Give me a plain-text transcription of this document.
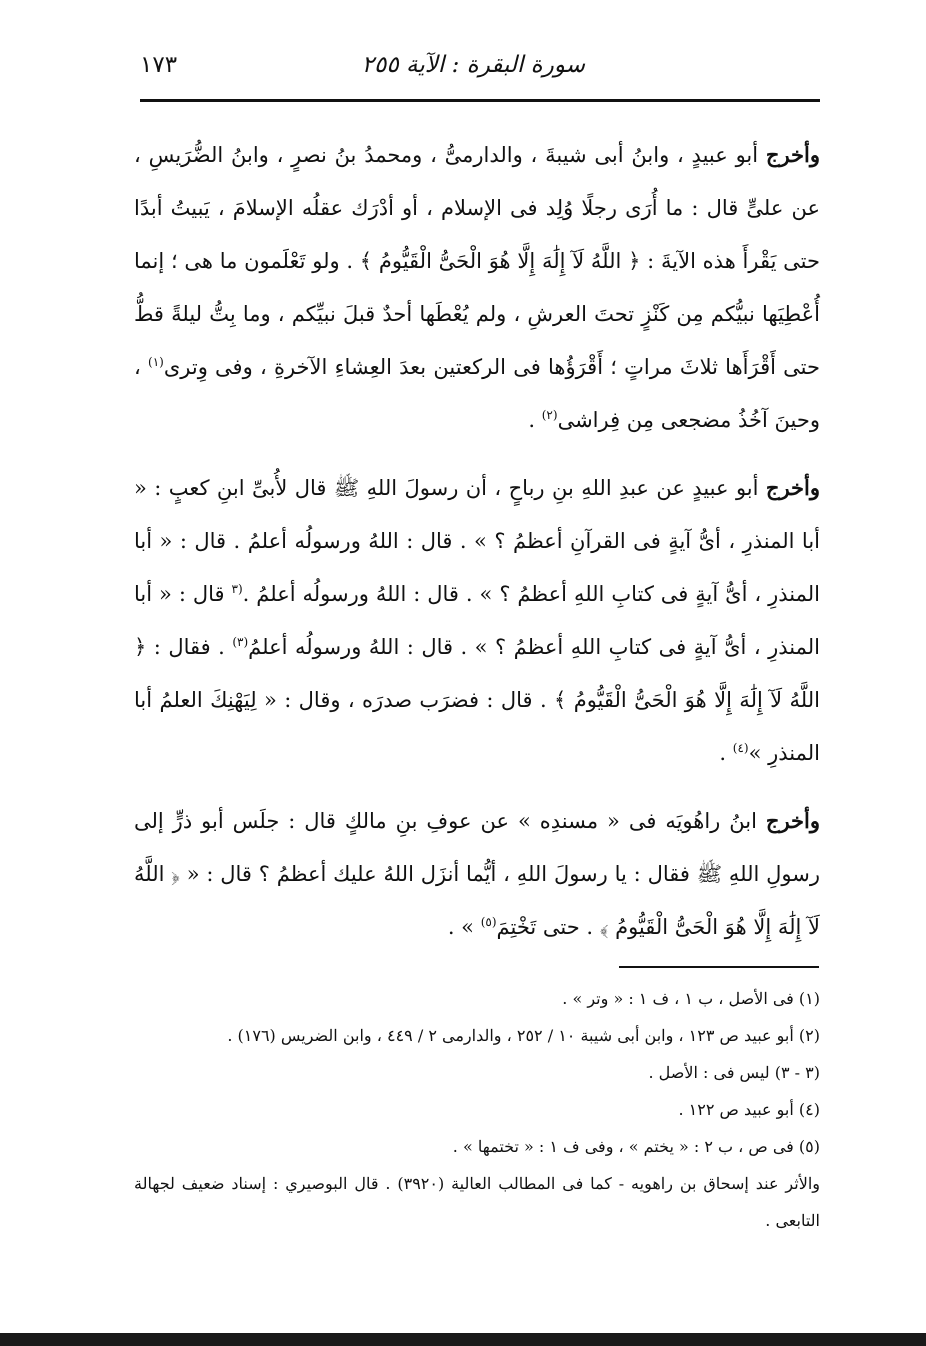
سورة البقرة : الآية ٢٥٥
١٧٣

وأخرج أبو عبيدٍ ، وابنُ أبى شيبةَ ، والدارمىُّ ، ومحمدُ بنُ نصرٍ ، وابنُ الضُّرَيسِ ، عن علىٍّ قال : ما أُرَى رجلًا وُلِد فى الإسلام ، أو أدْرَك عقلُه الإسلامَ ، يَبيتُ أبدًا حتى يَقْرأَ هذه الآيةَ : ﴿ اللَّهُ لَآ إِلَٰهَ إِلَّا هُوَ الْحَىُّ الْقَيُّومُ ﴾ . ولو تَعْلَمون ما هى ؛ إنما أُعْطِيَها نبيُّكم مِن كَنْزٍ تحتَ العرشِ ، ولم يُعْطَها أحدٌ قبلَ نبيِّكم ، وما بِتُّ ليلةً قطُّ حتى أَقْرَأَها ثلاثَ مراتٍ ؛ أَقْرَؤُها فى الركعتين بعدَ العِشاءِ الآخرةِ ، وفى وِترى$^{(١)}$ ، وحينَ آخُذُ مضجعى مِن فِراشى$^{(٢)}$ .

وأخرج أبو عبيدٍ عن عبدِ اللهِ بنِ رباحٍ ، أن رسولَ اللهِ ﷺ قال لأُبىِّ ابنِ كعبٍ : « أبا المنذرِ ، أىُّ آيةٍ فى القرآنِ أعظمُ ؟ » . قال : اللهُ ورسولُه أعلمُ . قال : « أبا المنذرِ ، أىُّ آيةٍ فى كتابِ اللهِ أعظمُ ؟ » . قال : اللهُ ورسولُه أعلمُ .$^{(٣}$ قال : « أبا المنذرِ ، أىُّ آيةٍ فى كتابِ اللهِ أعظمُ ؟ » . قال : اللهُ ورسولُه أعلمُ$^{(٣)}$ . فقال : ﴿ اللَّهُ لَآ إِلَٰهَ إِلَّا هُوَ الْحَىُّ الْقَيُّومُ ﴾ . قال : فضرَب صدرَه ، وقال : « لِيَهْنِكَ العلمُ أبا المنذرِ »$^{(٤)}$ .

وأخرج ابنُ راهُويَه فى « مسندِه » عن عوفِ بنِ مالكٍ قال : جلَس أبو ذرٍّ إلى رسولِ اللهِ ﷺ فقال : يا رسولَ اللهِ ، أيُّما أنزَل اللهُ عليك أعظمُ ؟ قال : « ﴿ اللَّهُ لَآ إِلَٰهَ إِلَّا هُوَ الْحَىُّ الْقَيُّومُ ﴾ . حتى تَخْتِمَ$^{(٥)}$ » .

(١) فى الأصل ، ب ١ ، ف ١ : « وتر » .

(٢) أبو عبيد ص ١٢٣ ، وابن أبى شيبة ١٠ / ٢٥٢ ، والدارمى ٢ / ٤٤٩ ، وابن الضريس (١٧٦) .

(٣ - ٣) ليس فى : الأصل .

(٤) أبو عبيد ص ١٢٢ .

(٥) فى ص ، ب ٢ : « يختم » ، وفى ف ١ : « تختمها » .

والأثر عند إسحاق بن راهويه - كما فى المطالب العالية (٣٩٢٠) . قال البوصيري : إسناد ضعيف لجهالة التابعى .
